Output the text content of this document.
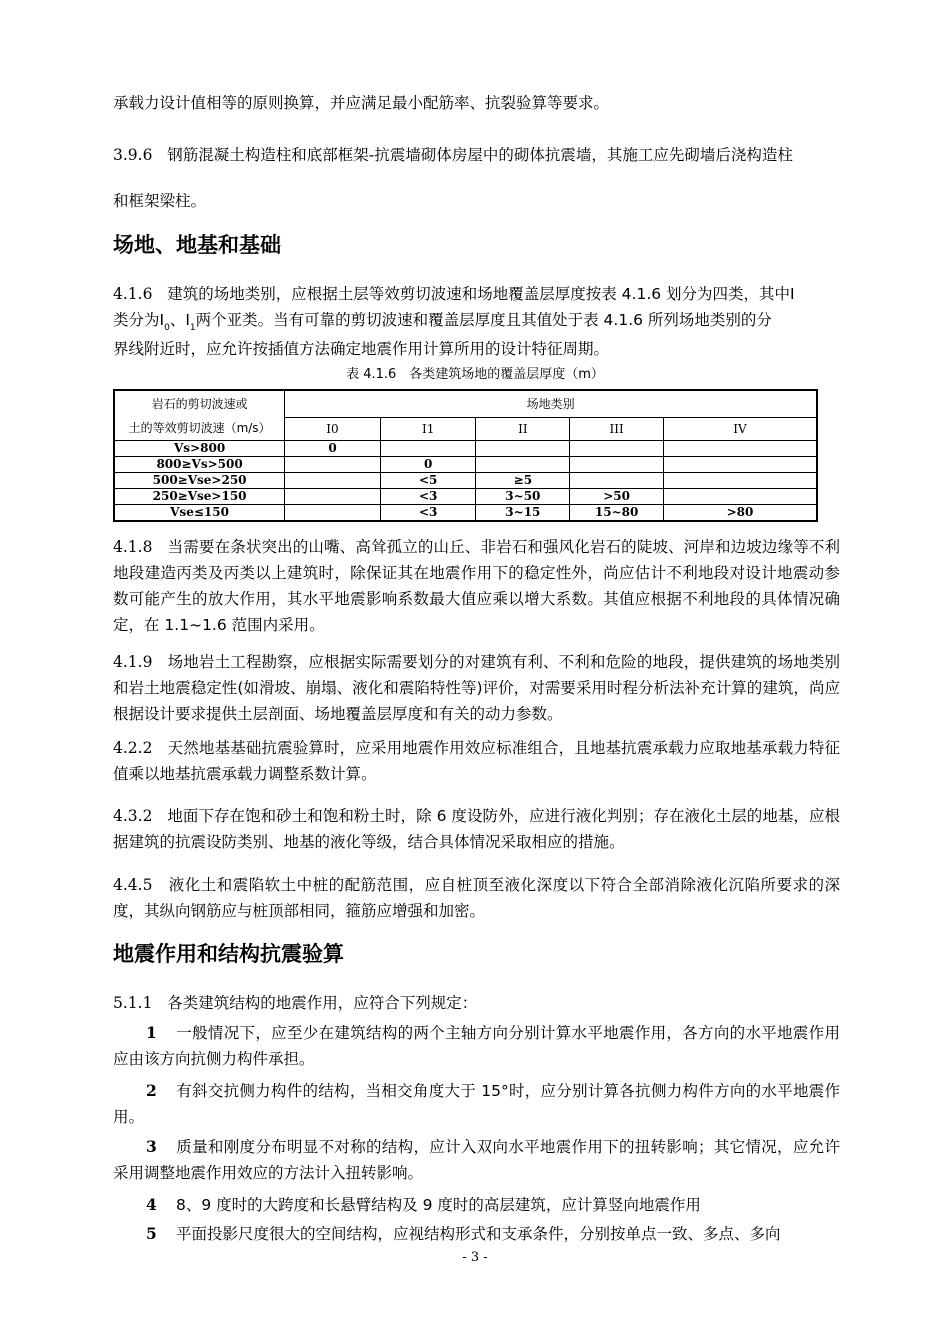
承载力设计值相等的原则换算，并应满足最小配筋率、抗裂验算等要求。
3.9.6 钢筋混凝土构造柱和底部框架-抗震墙砌体房屋中的砌体抗震墙，其施工应先砌墙后浇构造柱
和框架梁柱。
场地、地基和基础
4.1.6 建筑的场地类别，应根据土层等效剪切波速和场地覆盖层厚度按表 4.1.6 划分为四类，其中Ⅰ
类分为$Ⅰ_0$、$Ⅰ_1$两个亚类。当有可靠的剪切波速和覆盖层厚度且其值处于表 4.1.6 所列场地类别的分
界线附近时，应允许按插值方法确定地震作用计算所用的设计特征周期。
表 4.1.6　各类建筑场地的覆盖层厚度（m）
岩石的剪切波速或
土的等效剪切波速（m/s）	场地类别				
	I0	I1	II	III	IV
Vs>800	0				
800≥Vs>500		0			
500≥Vse>250		<5	≥5		
250≥Vse>150		<3	3~50	>50	
Vse≤150		<3	3~15	15~80	>80
4.1.8 当需要在条状突出的山嘴、高耸孤立的山丘、非岩石和强风化岩石的陡坡、河岸和边坡边缘等不利地段建造丙类及丙类以上建筑时，除保证其在地震作用下的稳定性外，尚应估计不利地段对设计地震动参数可能产生的放大作用，其水平地震影响系数最大值应乘以增大系数。其值应根据不利地段的具体情况确定，在 1.1~1.6 范围内采用。
4.1.9 场地岩土工程勘察，应根据实际需要划分的对建筑有利、不利和危险的地段，提供建筑的场地类别和岩土地震稳定性(如滑坡、崩塌、液化和震陷特性等)评价，对需要采用时程分析法补充计算的建筑，尚应根据设计要求提供土层剖面、场地覆盖层厚度和有关的动力参数。
4.2.2 天然地基基础抗震验算时，应采用地震作用效应标准组合，且地基抗震承载力应取地基承载力特征值乘以地基抗震承载力调整系数计算。
4.3.2 地面下存在饱和砂土和饱和粉土时，除 6 度设防外，应进行液化判别；存在液化土层的地基，应根据建筑的抗震设防类别、地基的液化等级，结合具体情况采取相应的措施。
4.4.5 液化土和震陷软土中桩的配筋范围，应自桩顶至液化深度以下符合全部消除液化沉陷所要求的深度，其纵向钢筋应与桩顶部相同，箍筋应增强和加密。
地震作用和结构抗震验算
5.1.1 各类建筑结构的地震作用，应符合下列规定：
1 一般情况下，应至少在建筑结构的两个主轴方向分别计算水平地震作用，各方向的水平地震作用应由该方向抗侧力构件承担。
2 有斜交抗侧力构件的结构，当相交角度大于 15°时，应分别计算各抗侧力构件方向的水平地震作用。
3 质量和刚度分布明显不对称的结构，应计入双向水平地震作用下的扭转影响；其它情况，应允许采用调整地震作用效应的方法计入扭转影响。
4 8、9 度时的大跨度和长悬臂结构及 9 度时的高层建筑，应计算竖向地震作用
5 平面投影尺度很大的空间结构，应视结构形式和支承条件，分别按单点一致、多点、多向
- 3 -
